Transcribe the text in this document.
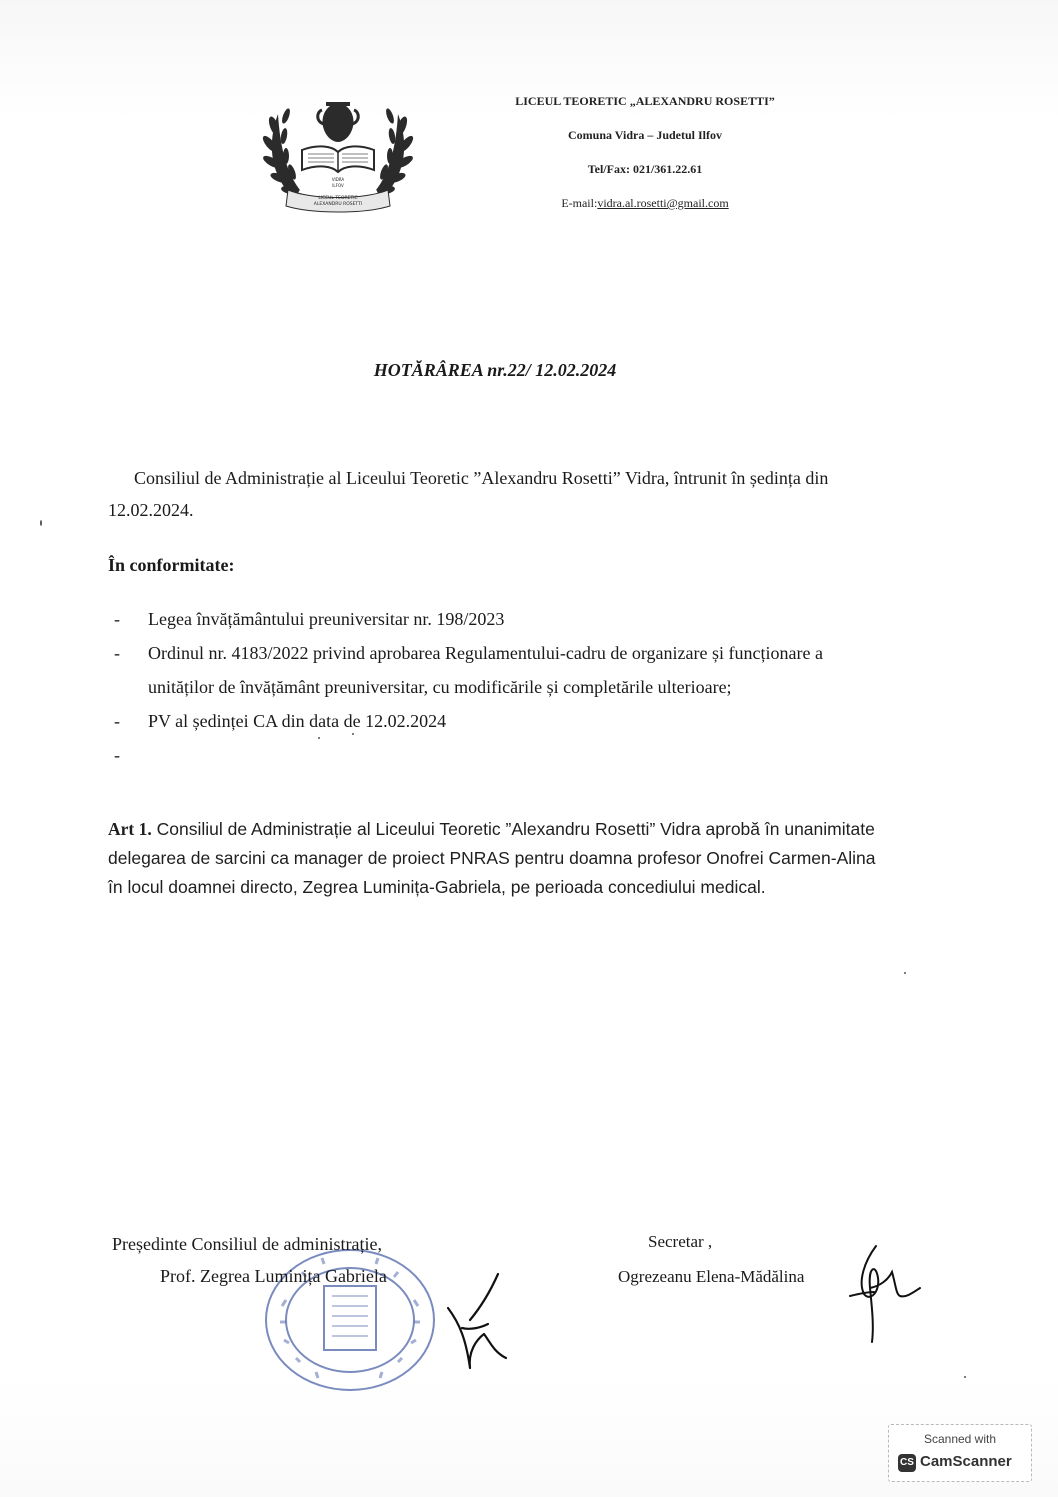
VIDRA
ILFOV
LICEUL TEORETIC
ALEXANDRU ROSETTI
LICEUL TEORETIC „ALEXANDRU ROSETTI”
Comuna Vidra – Judetul Ilfov
Tel/Fax: 021/361.22.61
E-mail:vidra.al.rosetti@gmail.com
HOTĂRÂREA nr.22/ 12.02.2024
Consiliul de Administrație al Liceului Teoretic ”Alexandru Rosetti” Vidra, întrunit în ședința din 12.02.2024.
În conformitate:
- Legea învățământului preuniversitar nr. 198/2023
- Ordinul nr. 4183/2022 privind aprobarea Regulamentului-cadru de organizare și funcționare a unităților de învățământ preuniversitar, cu modificările și completările ulterioare;
- PV al ședinței CA din data de 12.02.2024
-
Art 1. Consiliul de Administrație al Liceului Teoretic ”Alexandru Rosetti” Vidra aprobă în unanimitate delegarea de sarcini ca manager de proiect PNRAS pentru doamna profesor Onofrei Carmen-Alina în locul doamnei directo, Zegrea Luminița-Gabriela, pe perioada concediului medical.
Președinte Consiliul de administrație,
Prof. Zegrea Luminița Gabriela
Secretar ,
Ogrezeanu Elena-Mădălina
Scanned with
CS CamScanner
